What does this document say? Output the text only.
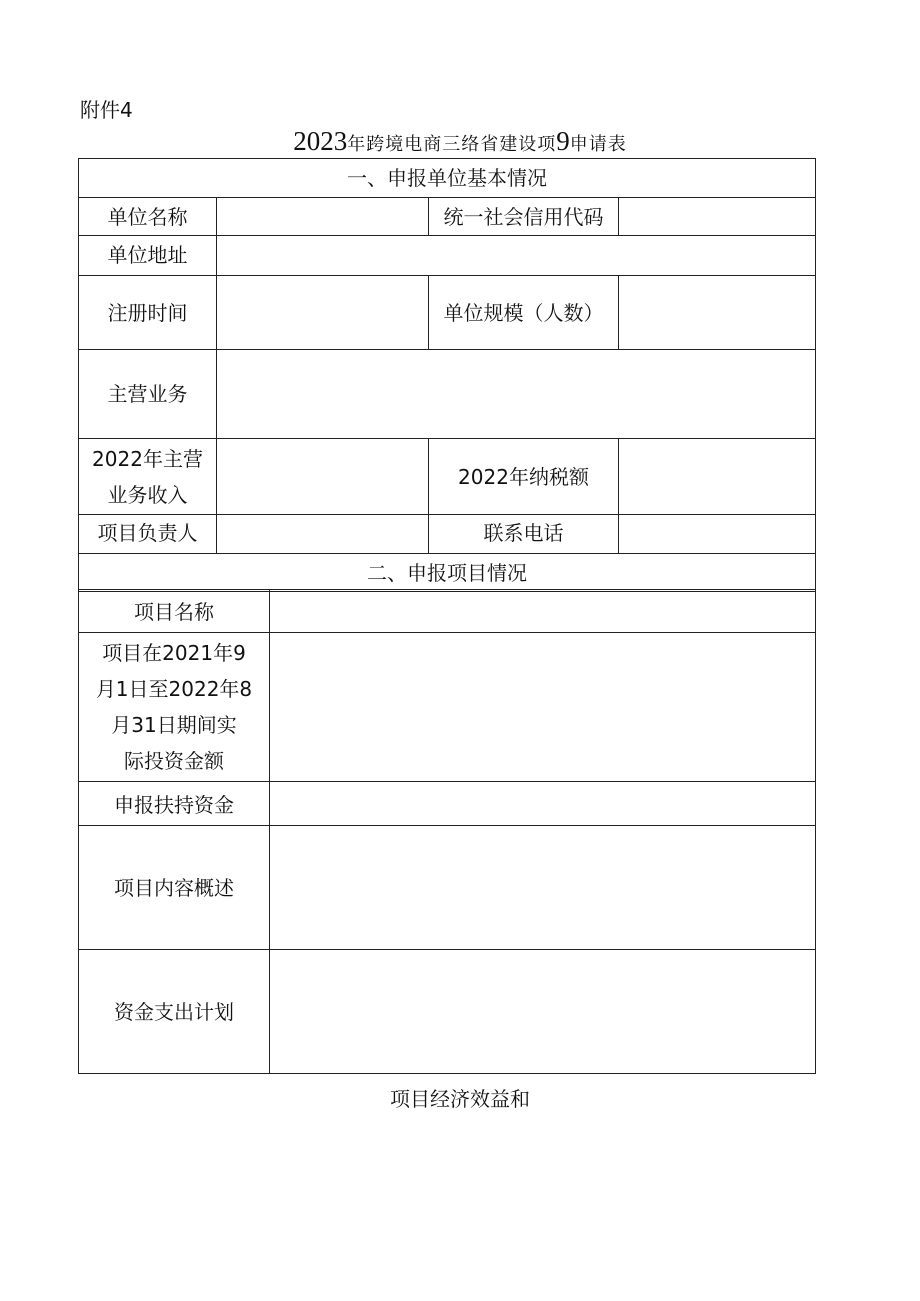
附件4
2023年跨境电商三络省建设项9申请表
一、申报单位基本情况			
单位名称		统一社会信用代码	
单位地址			
注册时间		单位规模（人数）	
主营业务			

2022年主营
业务收入		2022年纳税额	
项目负责人		联系电话	
二、申报项目情况			
项目名称	

项目在2021年9
月1日至2022年8
月31日期间实
际投资金额	

申报扶持资金	
项目内容概述	
资金支出计划	
项目经济效益和
